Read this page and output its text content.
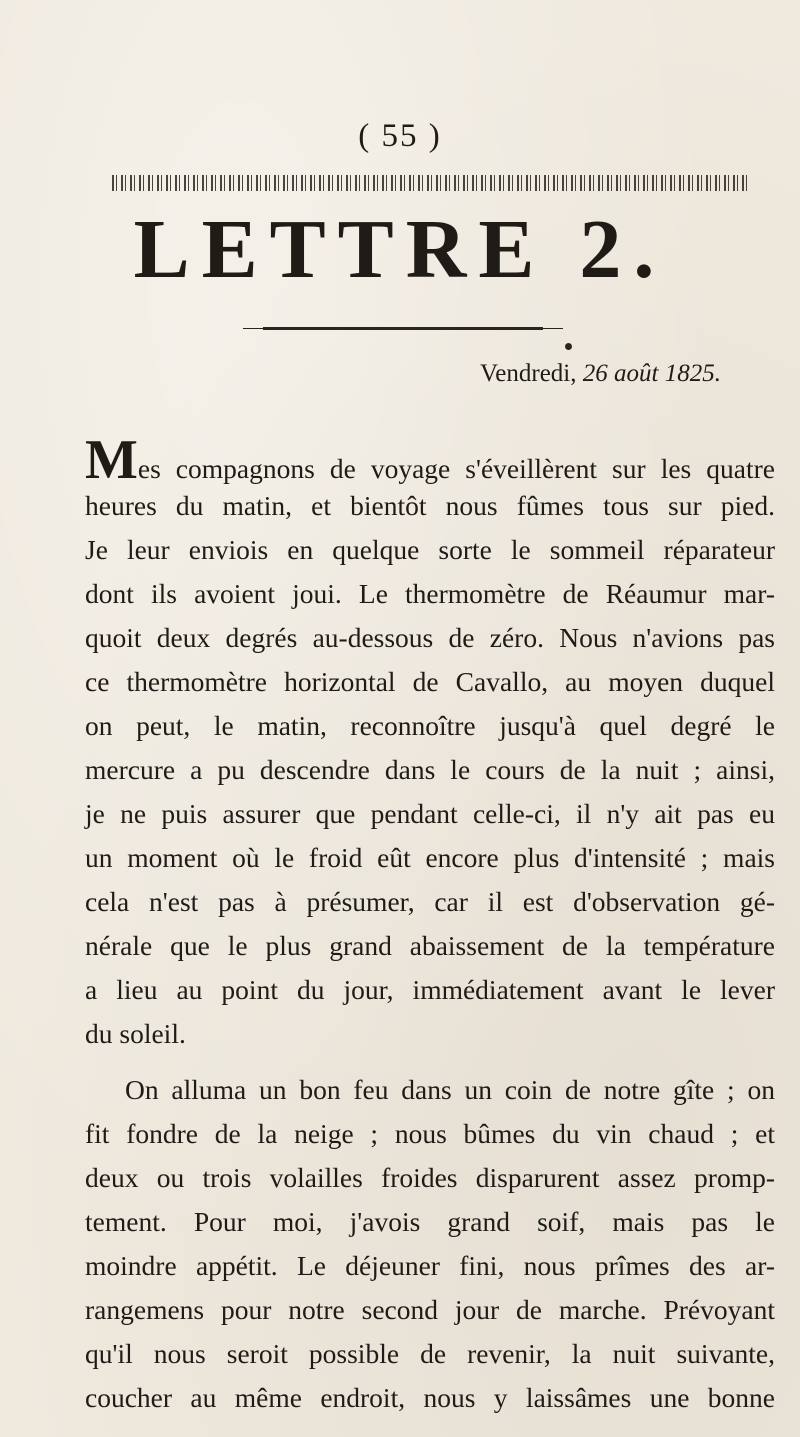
( 55 )
LETTRE 2.
Vendredi, 26 août 1825.
Mes compagnons de voyage s'éveillèrent sur les quatre
heures du matin, et bientôt nous fûmes tous sur pied.
Je leur enviois en quelque sorte le sommeil réparateur
dont ils avoient joui. Le thermomètre de Réaumur mar-
quoit deux degrés au-dessous de zéro. Nous n'avions pas
ce thermomètre horizontal de Cavallo, au moyen duquel
on peut, le matin, reconnoître jusqu'à quel degré le
mercure a pu descendre dans le cours de la nuit ; ainsi,
je ne puis assurer que pendant celle-ci, il n'y ait pas eu
un moment où le froid eût encore plus d'intensité ; mais
cela n'est pas à présumer, car il est d'observation gé-
nérale que le plus grand abaissement de la température
a lieu au point du jour, immédiatement avant le lever
du soleil.
On alluma un bon feu dans un coin de notre gîte ; on
fit fondre de la neige ; nous bûmes du vin chaud ; et
deux ou trois volailles froides disparurent assez promp-
tement. Pour moi, j'avois grand soif, mais pas le
moindre appétit. Le déjeuner fini, nous prîmes des ar-
rangemens pour notre second jour de marche. Prévoyant
qu'il nous seroit possible de revenir, la nuit suivante,
coucher au même endroit, nous y laissâmes une bonne
